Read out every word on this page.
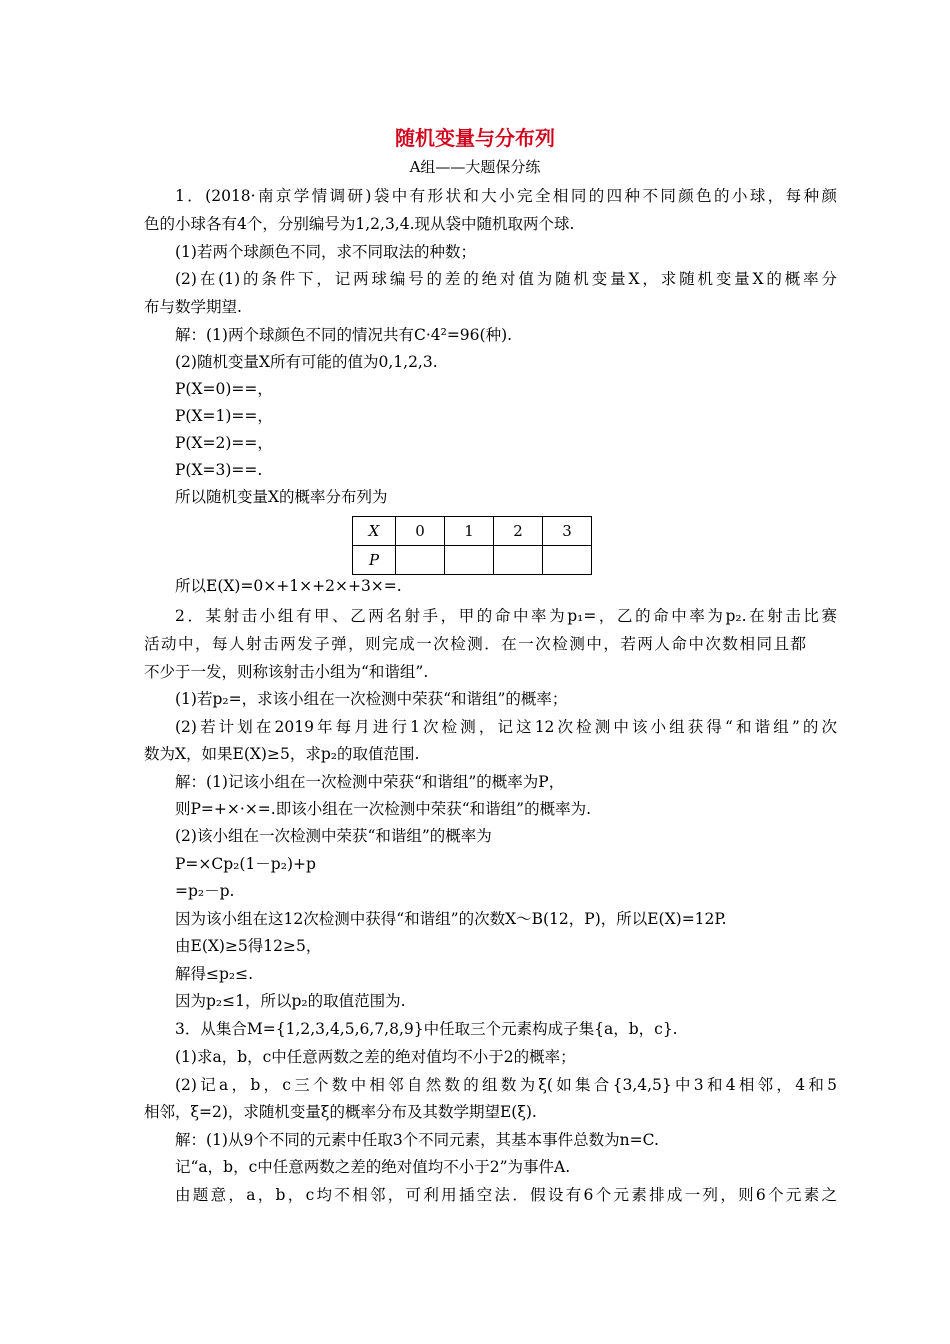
随机变量与分布列
A组——大题保分练
1．(2018·南京学情调研)袋中有形状和大小完全相同的四种不同颜色的小球，每种颜
色的小球各有4个，分别编号为1,2,3,4.现从袋中随机取两个球.
(1)若两个球颜色不同，求不同取法的种数；
(2)在(1)的条件下，记两球编号的差的绝对值为随机变量X，求随机变量X的概率分
布与数学期望.
解：(1)两个球颜色不同的情况共有C·4²=96(种).
(2)随机变量X所有可能的值为0,1,2,3.
P(X=0)==，
P(X=1)==，
P(X=2)==，
P(X=3)==.
所以随机变量X的概率分布列为
X	0	1	2	3
P				
所以E(X)=0×+1×+2×+3×=.
2．某射击小组有甲、乙两名射手，甲的命中率为p₁=，乙的命中率为p₂.在射击比赛
活动中，每人射击两发子弹，则完成一次检测．在一次检测中，若两人命中次数相同且都
不少于一发，则称该射击小组为“和谐组”.
(1)若p₂=，求该小组在一次检测中荣获“和谐组”的概率；
(2)若计划在2019年每月进行1次检测，记这12次检测中该小组获得“和谐组”的次
数为X，如果E(X)≥5，求p₂的取值范围.
解：(1)记该小组在一次检测中荣获“和谐组”的概率为P，
则P=+×·×=.即该小组在一次检测中荣获“和谐组”的概率为.
(2)该小组在一次检测中荣获“和谐组”的概率为
P=×Cp₂(1－p₂)+p
=p₂－p.
因为该小组在这12次检测中获得“和谐组”的次数X～B(12，P)，所以E(X)=12P.
由E(X)≥5得12≥5，
解得≤p₂≤.
因为p₂≤1，所以p₂的取值范围为.
3．从集合M={1,2,3,4,5,6,7,8,9}中任取三个元素构成子集{a，b，c}.
(1)求a，b，c中任意两数之差的绝对值均不小于2的概率；
(2)记a，b，c三个数中相邻自然数的组数为ξ(如集合{3,4,5}中3和4相邻，4和5
相邻，ξ=2)，求随机变量ξ的概率分布及其数学期望E(ξ).
解：(1)从9个不同的元素中任取3个不同元素，其基本事件总数为n=C.
记“a，b，c中任意两数之差的绝对值均不小于2”为事件A.
由题意，a，b，c均不相邻，可利用插空法．假设有6个元素排成一列，则6个元素之
